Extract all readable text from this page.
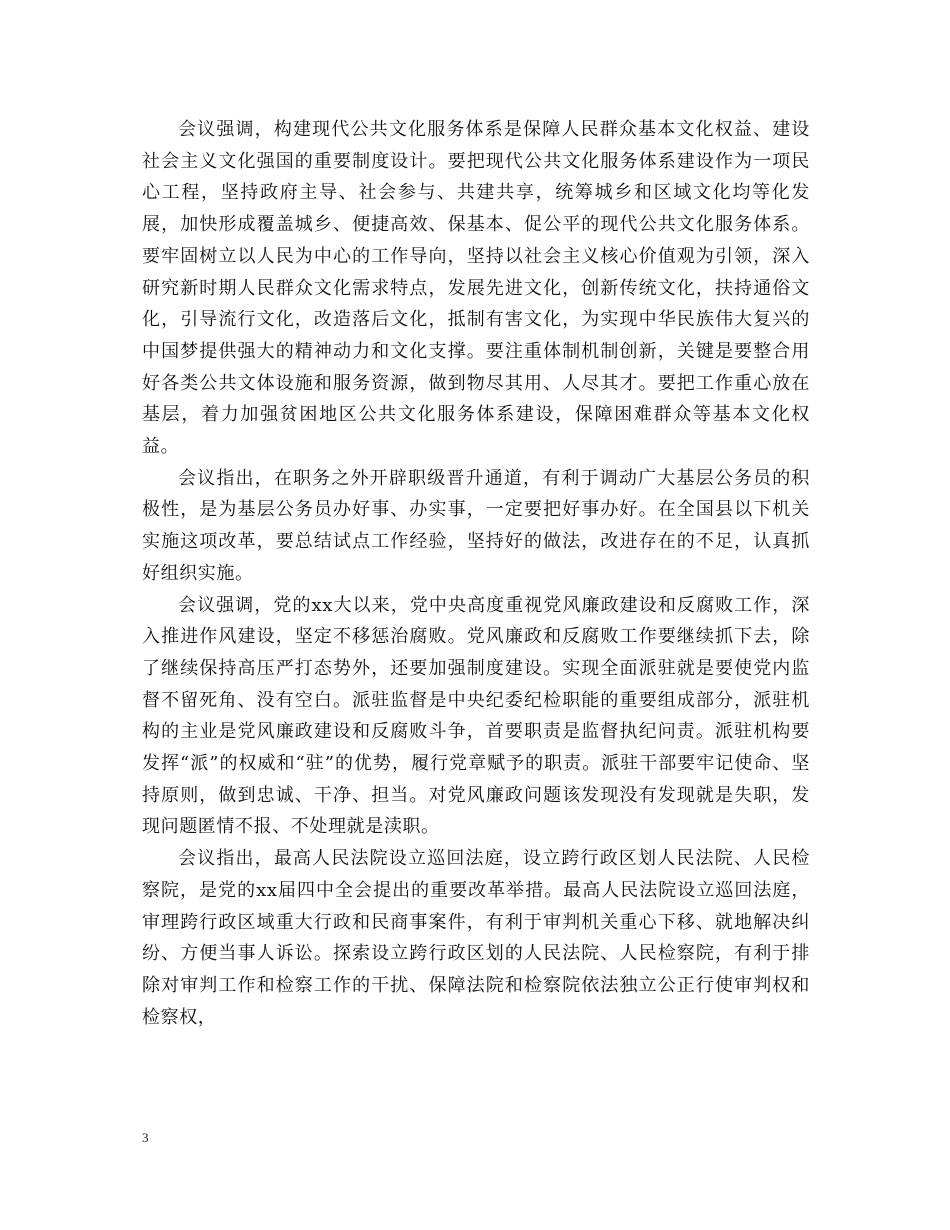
会议强调，构建现代公共文化服务体系是保障人民群众基本文化权益、建设社会主义文化强国的重要制度设计。要把现代公共文化服务体系建设作为一项民心工程，坚持政府主导、社会参与、共建共享，统筹城乡和区域文化均等化发展，加快形成覆盖城乡、便捷高效、保基本、促公平的现代公共文化服务体系。要牢固树立以人民为中心的工作导向，坚持以社会主义核心价值观为引领，深入研究新时期人民群众文化需求特点，发展先进文化，创新传统文化，扶持通俗文化，引导流行文化，改造落后文化，抵制有害文化，为实现中华民族伟大复兴的中国梦提供强大的精神动力和文化支撑。要注重体制机制创新，关键是要整合用好各类公共文体设施和服务资源，做到物尽其用、人尽其才。要把工作重心放在基层，着力加强贫困地区公共文化服务体系建设，保障困难群众等基本文化权益。

会议指出，在职务之外开辟职级晋升通道，有利于调动广大基层公务员的积极性，是为基层公务员办好事、办实事，一定要把好事办好。在全国县以下机关实施这项改革，要总结试点工作经验，坚持好的做法，改进存在的不足，认真抓好组织实施。

会议强调，党的xx大以来，党中央高度重视党风廉政建设和反腐败工作，深入推进作风建设，坚定不移惩治腐败。党风廉政和反腐败工作要继续抓下去，除了继续保持高压严打态势外，还要加强制度建设。实现全面派驻就是要使党内监督不留死角、没有空白。派驻监督是中央纪委纪检职能的重要组成部分，派驻机构的主业是党风廉政建设和反腐败斗争，首要职责是监督执纪问责。派驻机构要发挥“派”的权威和“驻”的优势，履行党章赋予的职责。派驻干部要牢记使命、坚持原则，做到忠诚、干净、担当。对党风廉政问题该发现没有发现就是失职，发现问题匿情不报、不处理就是渎职。

会议指出，最高人民法院设立巡回法庭，设立跨行政区划人民法院、人民检察院，是党的xx届四中全会提出的重要改革举措。最高人民法院设立巡回法庭，审理跨行政区域重大行政和民商事案件，有利于审判机关重心下移、就地解决纠纷、方便当事人诉讼。探索设立跨行政区划的人民法院、人民检察院，有利于排除对审判工作和检察工作的干扰、保障法院和检察院依法独立公正行使审判权和检察权，

3
